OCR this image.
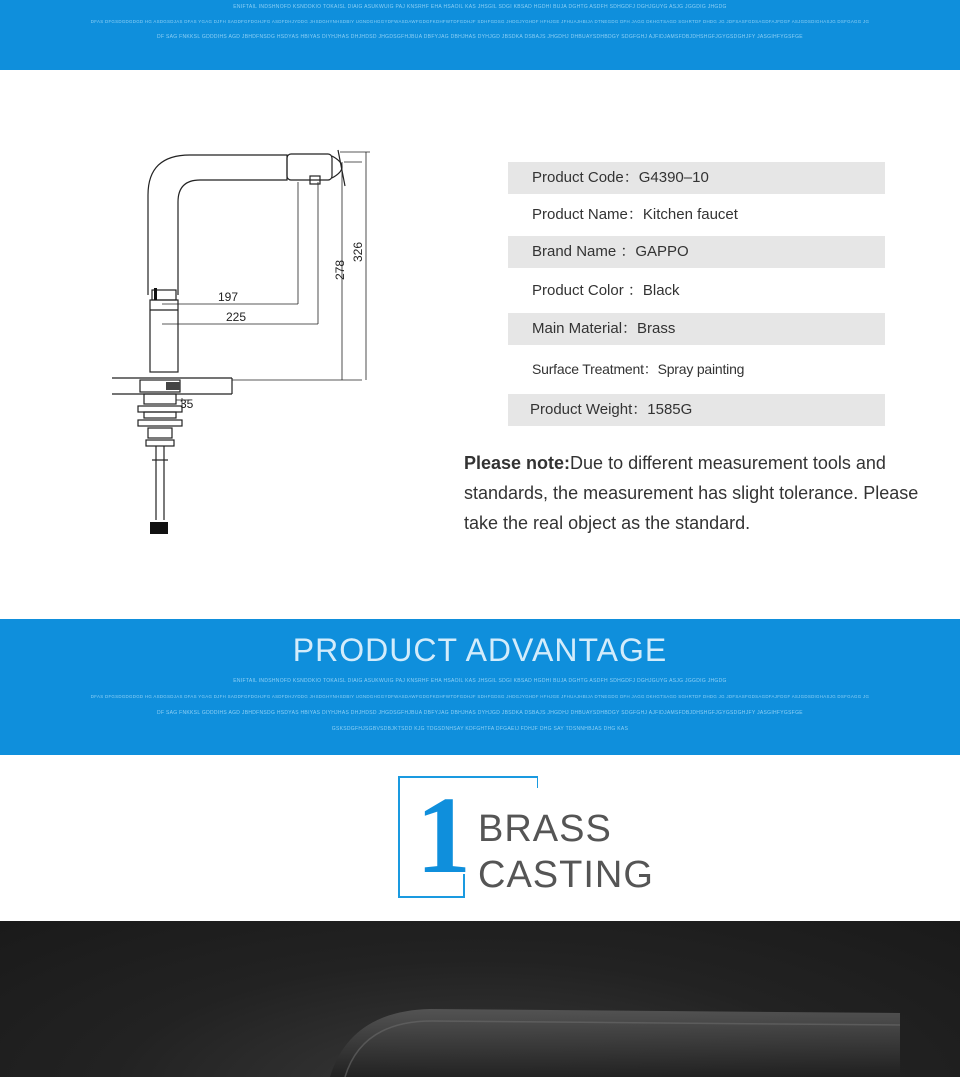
ENIFTAIL INDSHNOFD KSNDDKIO TOKAISL DIAIG ASUKWUIG PAJ KNSRHF EHA HSAOIL KAS JHSGIL SDGI KBSAD HGDHI BUJA DGHTG ASDFH SDHGDFJ DGHJGUYG ASJG JGGDIG JHGDG
DFAS DFGSDGDGDGD HG ASDGSDJAS DFAS YGAG DJFH SADDFGFDGHJFG ASDFDHJYDDG JHSDGHYNHSDBIY UGNDGHGGYDFWASDAWFGDGFKDHFWTDFGDHJF SDHFGDSG JHDGJYGHDF HFHJGE JFHUAJHBIJA DTNEGDG DFH JAGG DKHGTSAGD SGHRTDF DHDG JG JDFSASFGDSAGDFAJFDGF ASJGDSDIGHASJG DSFGAGG JG
DF SAG FNKKSL GDDDIHS AGD JBHDFNSDG HSDYAS HBIYAS DIYHJHAS DHJHDSD JHGDSGFHJBUA DBFYJAG DBHJHAS DYHJGD JBSDKA DSBAJS JHGDHJ DHBUAYSDHBDGY SDGFGHJ AJFIDJAMSFDBJDHSHGFJGYGSDGHJFY JASGIHFYGSFGE
197
225
278
326
35
Product Code：G4390–10
Product Name：Kitchen faucet
Brand Name ：GAPPO
Product Color ：Black
Main Material：Brass
Surface Treatment：Spray painting
Product Weight：1585G
Please note:Due to different measurement tools and standards, the measurement has slight tolerance. Please take the real object as the standard.
ENIFTAIL INDSHNOFD KSNDDKIO TOKAISL DIAIG ASUKWUIG PAJ KNSRHF EHA HSAOIL KAS JHSGIL SDGI KBSAD HGDHI BUJA DGHTG ASDFH SDHGDFJ DGHJGUYG ASJG JGGDIG JHGDG
DFAS DFGSDGDGDGD HG ASDGSDJAS DFAS YGAG DJFH SADDFGFDGHJFG ASDFDHJYDDG JHSDGHYNHSDBIY UGNDGHGGYDFWASDAWFGDGFKDHFWTDFGDHJF SDHFGDSG JHDGJYGHDF HFHJGE JFHUAJHBIJA DTNEGDG DFH JAGG DKHGTSAGD SGHRTDF DHDG JG JDFSASFGDSAGDFAJFDGF ASJGDSDIGHASJG DSFGAGG JG
DF SAG FNKKSL GDDDIHS AGD JBHDFNSDG HSDYAS HBIYAS DIYHJHAS DHJHDSD JHGDSGFHJBUA DBFYJAG DBHJHAS DYHJGD JBSDKA DSBAJS JHGDHJ DHBUAYSDHBDGY SDGFGHJ AJFIDJAMSFDBJDHSHGFJGYGSDGHJFY JASGIHFYGSFGE
GSKSDGFHJSGBVSDBJKTSDD KJG TDGSDNHSAY KDFGHTFA DFGAEIJ FDHJF DHG SAY TDSNNHBJAS DHG KAS
PRODUCT ADVANTAGE
1 BRASS
CASTING
